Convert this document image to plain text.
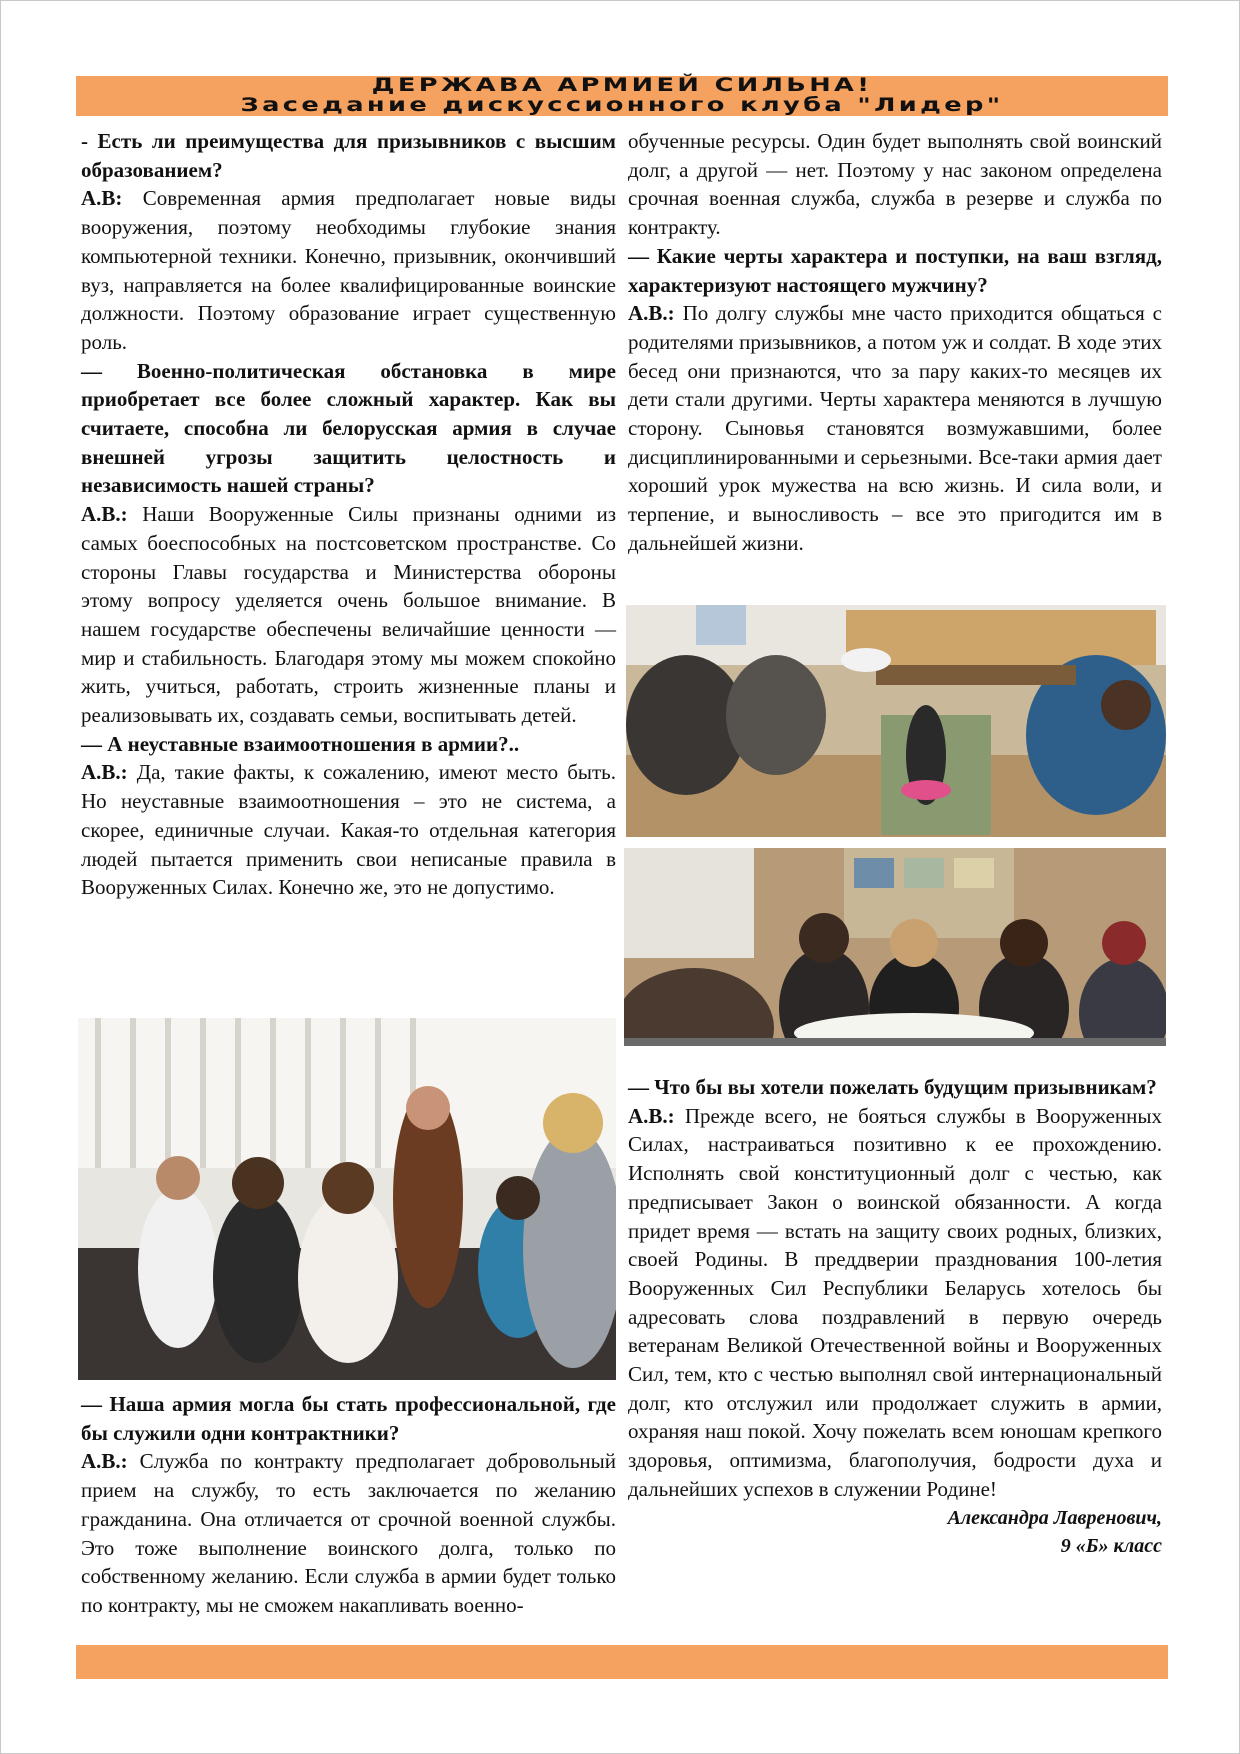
ДЕРЖАВА АРМИЕЙ СИЛЬНА!
Заседание дискуссионного клуба "Лидер"

- Есть ли преимущества для призывников с высшим образованием?

А.В: Современная армия предполагает новые виды вооружения, поэтому необходимы глубокие знания компьютерной техники. Конечно, призывник, окончивший вуз, направляется на более квалифицированные воинские должности. Поэтому образование играет существенную роль.

— Военно-политическая обстановка в мире приобретает все более сложный характер. Как вы считаете, способна ли белорусская армия в случае внешней угрозы защитить целостность и независимость нашей страны?

А.В.: Наши Вооруженные Силы признаны одними из самых боеспособных на постсоветском пространстве. Со стороны Главы государства и Министерства обороны этому вопросу уделяется очень большое внимание. В нашем государстве обеспечены величайшие ценности — мир и стабильность. Благодаря этому мы можем спокойно жить, учиться, работать, строить жизненные планы и реализовывать их, создавать семьи, воспитывать детей.

— А неуставные взаимоотношения в армии?..

А.В.: Да, такие факты, к сожалению, имеют место быть. Но неуставные взаимоотношения – это не система, а скорее, единичные случаи. Какая-то отдельная категория людей пытается применить свои неписаные правила в Вооруженных Силах. Конечно же, это не допустимо.

— Наша армия могла бы стать профессиональной, где бы служили одни контрактники?

А.В.: Служба по контракту предполагает добровольный прием на службу, то есть заключается по желанию гражданина. Она отличается от срочной военной службы. Это тоже выполнение воинского долга, только по собственному желанию. Если служба в армии будет только по контракту, мы не сможем накапливать военно-

обученные ресурсы. Один будет выполнять свой воинский долг, а другой — нет. Поэтому у нас законом определена срочная военная служба, служба в резерве и служба по контракту.

— Какие черты характера и поступки, на ваш взгляд, характеризуют настоящего мужчину?

А.В.: По долгу службы мне часто приходится общаться с родителями призывников, а потом уж и солдат. В ходе этих бесед они признаются, что за пару каких-то месяцев их дети стали другими. Черты характера меняются в лучшую сторону. Сыновья становятся возмужавшими, более дисциплинированными и серьезными. Все-таки армия дает хороший урок мужества на всю жизнь. И сила воли, и терпение, и выносливость – все это пригодится им в дальнейшей жизни.

— Что бы вы хотели пожелать будущим призывникам?

А.В.: Прежде всего, не бояться службы в Вооруженных Силах, настраиваться позитивно к ее прохождению. Исполнять свой конституционный долг с честью, как предписывает Закон о воинской обязанности. А когда придет время — встать на защиту своих родных, близких, своей Родины. В преддверии празднования 100-летия Вооруженных Сил Республики Беларусь хотелось бы адресовать слова поздравлений в первую очередь ветеранам Великой Отечественной войны и Вооруженных Сил, тем, кто с честью выполнял свой интернациональный долг, кто отслужил или продолжает служить в армии, охраняя наш покой. Хочу пожелать всем юношам крепкого здоровья, оптимизма, благополучия, бодрости духа и дальнейших успехов в служении Родине!

Александра Лавренович,

9 «Б» класс
